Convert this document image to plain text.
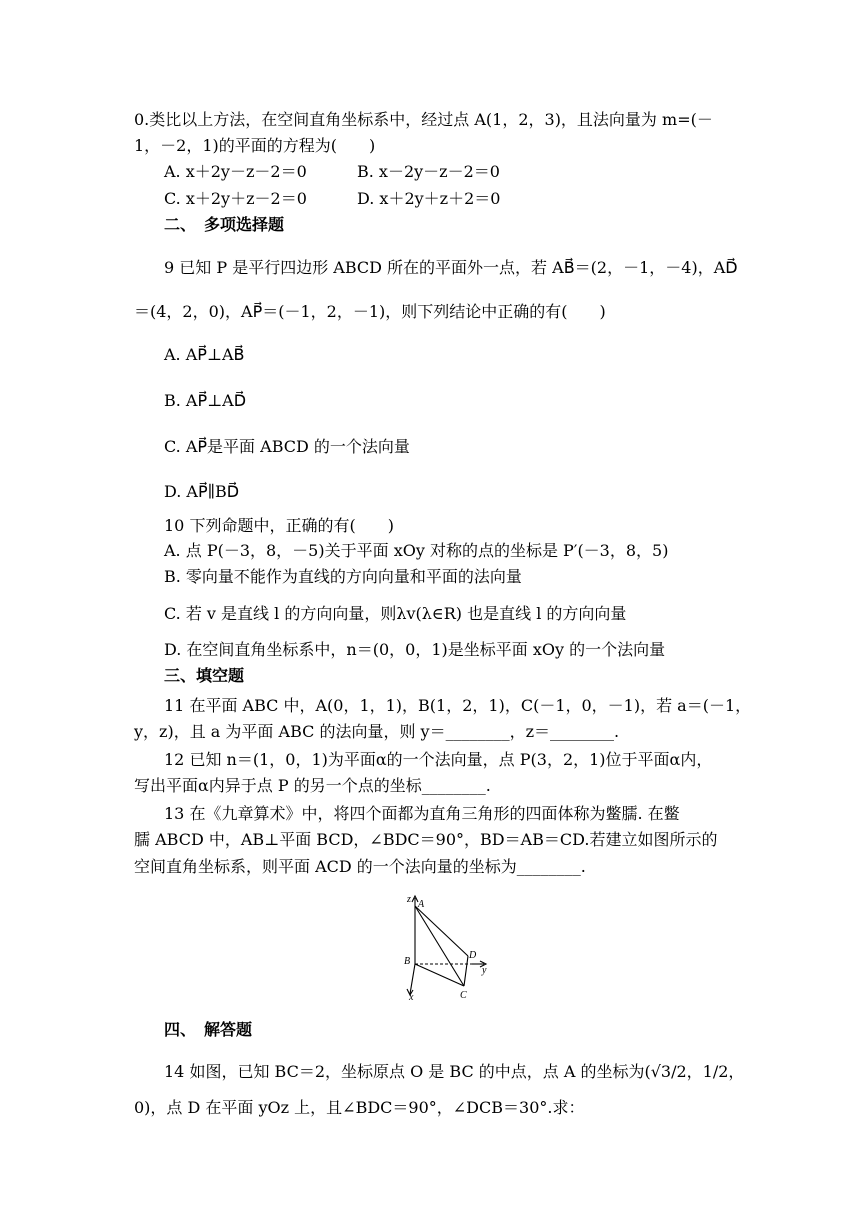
0.类比以上方法，在空间直角坐标系中，经过点 A(1，2，3)，且法向量为 m=(－
1，－2，1)的平面的方程为(　　)
A. x＋2y－z－2＝0	B. x－2y－z－2＝0
C. x＋2y＋z－2＝0	D. x＋2y＋z＋2＝0
二、　多项选择题
9 已知 P 是平行四边形 ABCD 所在的平面外一点，若 AB⃗＝(2，－1，－4)，AD⃗
＝(4，2，0)，AP⃗＝(－1，2，－1)，则下列结论中正确的有(　　)
A. AP⃗⊥AB⃗
B. AP⃗⊥AD⃗
C. AP⃗是平面 ABCD 的一个法向量
D. AP⃗∥BD⃗
10 下列命题中，正确的有(　　)
A. 点 P(－3，8，－5)关于平面 xOy 对称的点的坐标是 P′(－3，8，5)
B. 零向量不能作为直线的方向向量和平面的法向量
C. 若 v 是直线 l 的方向向量，则λv(λ∈R) 也是直线 l 的方向向量
D. 在空间直角坐标系中，n＝(0，0，1)是坐标平面 xOy 的一个法向量
三、填空题
11 在平面 ABC 中，A(0，1，1)，B(1，2，1)，C(－1，0，－1)，若 a＝(－1，
y，z)，且 a 为平面 ABC 的法向量，则 y＝________，z＝________.
12 已知 n＝(1，0，1)为平面α的一个法向量，点 P(3，2，1)位于平面α内，
写出平面α内异于点 P 的另一个点的坐标________.
13 在《九章算术》中，将四个面都为直角三角形的四面体称为鳖臑. 在鳖
臑 ABCD 中，AB⊥平面 BCD，∠BDC＝90°，BD＝AB＝CD.若建立如图所示的
空间直角坐标系，则平面 ACD 的一个法向量的坐标为________.
z A
D
B
y
x	C
四、　解答题
14 如图，已知 BC＝2，坐标原点 O 是 BC 的中点，点 A 的坐标为(√3/2，1/2，
0)，点 D 在平面 yOz 上，且∠BDC＝90°，∠DCB＝30°.求：
